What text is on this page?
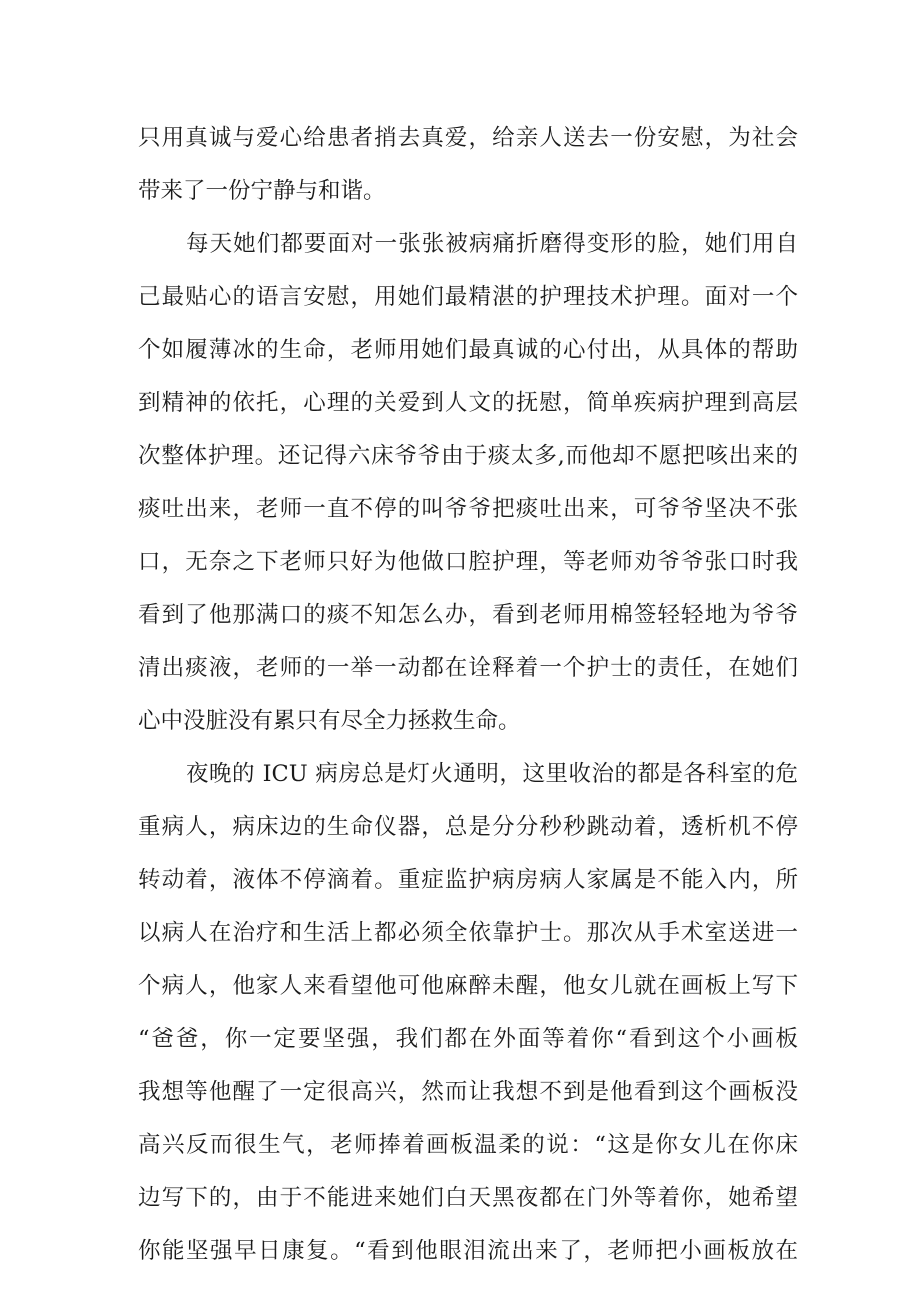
只用真诚与爱心给患者捎去真爱，给亲人送去一份安慰，为社会
带来了一份宁静与和谐。
每天她们都要面对一张张被病痛折磨得变形的脸，她们用自
己最贴心的语言安慰，用她们最精湛的护理技术护理。面对一个
个如履薄冰的生命，老师用她们最真诚的心付出，从具体的帮助
到精神的依托，心理的关爱到人文的抚慰，简单疾病护理到高层
次整体护理。还记得六床爷爷由于痰太多,而他却不愿把咳出来的
痰吐出来，老师一直不停的叫爷爷把痰吐出来，可爷爷坚决不张
口，无奈之下老师只好为他做口腔护理，等老师劝爷爷张口时我
看到了他那满口的痰不知怎么办，看到老师用棉签轻轻地为爷爷
清出痰液，老师的一举一动都在诠释着一个护士的责任，在她们
心中没脏没有累只有尽全力拯救生命。
夜晚的 ICU 病房总是灯火通明，这里收治的都是各科室的危
重病人，病床边的生命仪器，总是分分秒秒跳动着，透析机不停
转动着，液体不停滴着。重症监护病房病人家属是不能入内，所
以病人在治疗和生活上都必须全依靠护士。那次从手术室送进一
个病人，他家人来看望他可他麻醉未醒，他女儿就在画板上写下
“爸爸，你一定要坚强，我们都在外面等着你“看到这个小画板
我想等他醒了一定很高兴，然而让我想不到是他看到这个画板没
高兴反而很生气，老师捧着画板温柔的说：“这是你女儿在你床
边写下的，由于不能进来她们白天黑夜都在门外等着你，她希望
你能坚强早日康复。“看到他眼泪流出来了，老师把小画板放在
